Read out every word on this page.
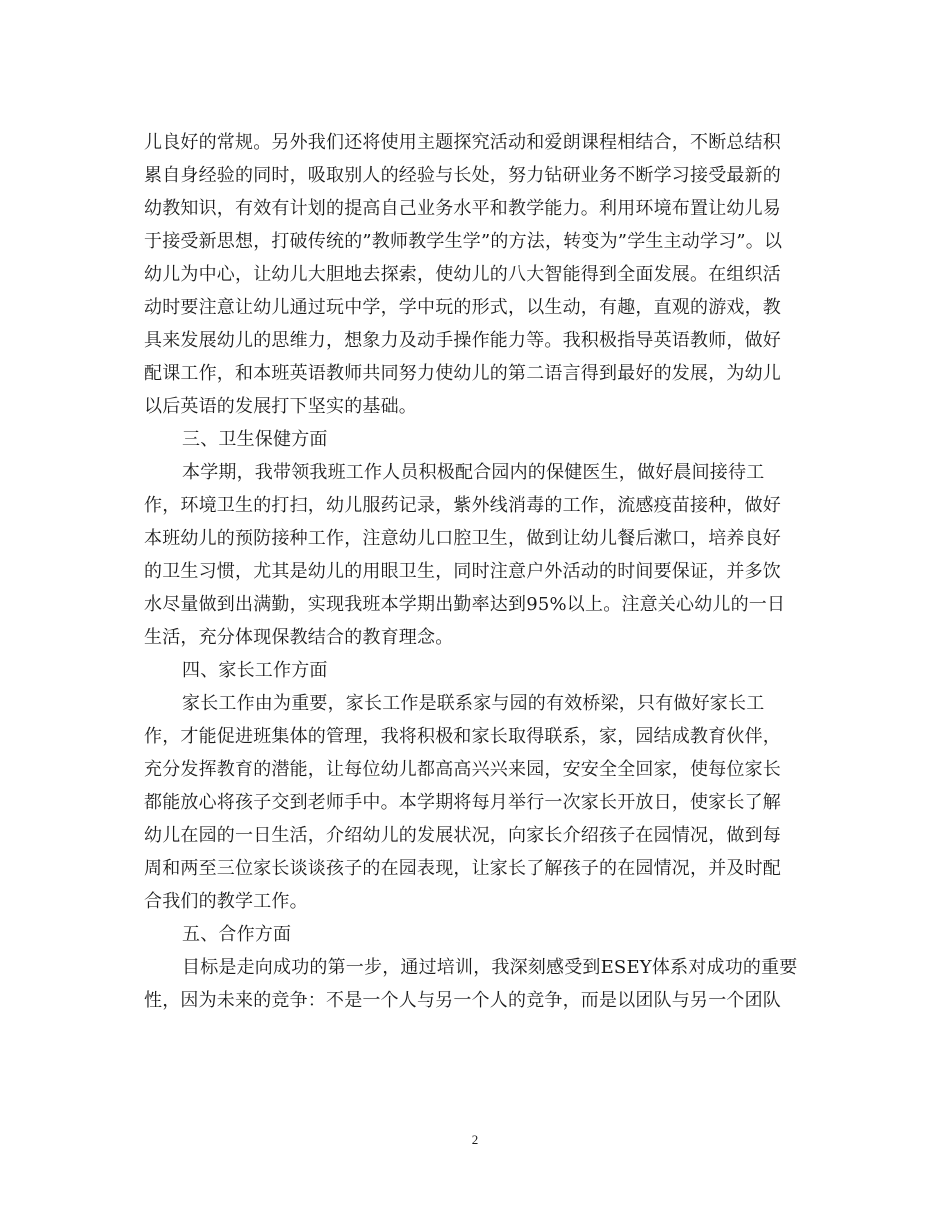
儿良好的常规。另外我们还将使用主题探究活动和爱朗课程相结合，不断总结积
累自身经验的同时，吸取别人的经验与长处，努力钻研业务不断学习接受最新的
幼教知识，有效有计划的提高自己业务水平和教学能力。利用环境布置让幼儿易
于接受新思想，打破传统的”教师教学生学”的方法，转变为”学生主动学习”。以
幼儿为中心，让幼儿大胆地去探索，使幼儿的八大智能得到全面发展。在组织活
动时要注意让幼儿通过玩中学，学中玩的形式，以生动，有趣，直观的游戏，教
具来发展幼儿的思维力，想象力及动手操作能力等。我积极指导英语教师，做好
配课工作，和本班英语教师共同努力使幼儿的第二语言得到最好的发展，为幼儿
以后英语的发展打下坚实的基础。
三、卫生保健方面
本学期，我带领我班工作人员积极配合园内的保健医生，做好晨间接待工
作，环境卫生的打扫，幼儿服药记录，紫外线消毒的工作，流感疫苗接种，做好
本班幼儿的预防接种工作，注意幼儿口腔卫生，做到让幼儿餐后漱口，培养良好
的卫生习惯，尤其是幼儿的用眼卫生，同时注意户外活动的时间要保证，并多饮
水尽量做到出满勤，实现我班本学期出勤率达到95%以上。注意关心幼儿的一日
生活，充分体现保教结合的教育理念。
四、家长工作方面
家长工作由为重要，家长工作是联系家与园的有效桥梁，只有做好家长工
作，才能促进班集体的管理，我将积极和家长取得联系，家，园结成教育伙伴，
充分发挥教育的潜能，让每位幼儿都高高兴兴来园，安安全全回家，使每位家长
都能放心将孩子交到老师手中。本学期将每月举行一次家长开放日，使家长了解
幼儿在园的一日生活，介绍幼儿的发展状况，向家长介绍孩子在园情况，做到每
周和两至三位家长谈谈孩子的在园表现，让家长了解孩子的在园情况，并及时配
合我们的教学工作。
五、合作方面
目标是走向成功的第一步，通过培训，我深刻感受到ESEY体系对成功的重要
性，因为未来的竞争：不是一个人与另一个人的竞争，而是以团队与另一个团队
2
